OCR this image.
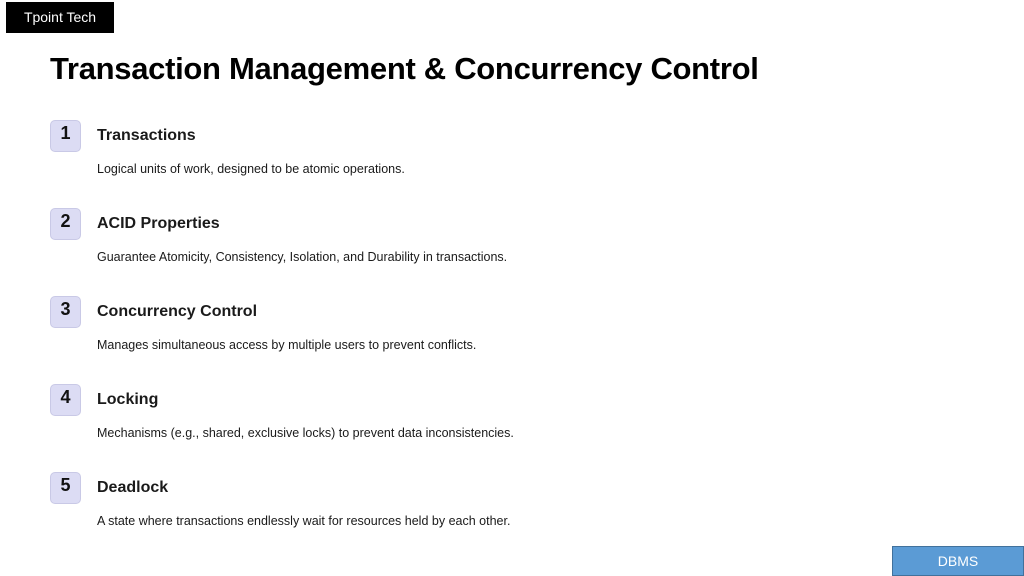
Tpoint Tech
Transaction Management & Concurrency Control
1	Transactions
Logical units of work, designed to be atomic operations.
2	ACID Properties
Guarantee Atomicity, Consistency, Isolation, and Durability in transactions.
3	Concurrency Control
Manages simultaneous access by multiple users to prevent conflicts.
4	Locking
Mechanisms (e.g., shared, exclusive locks) to prevent data inconsistencies.
5	Deadlock
A state where transactions endlessly wait for resources held by each other.
DBMS
